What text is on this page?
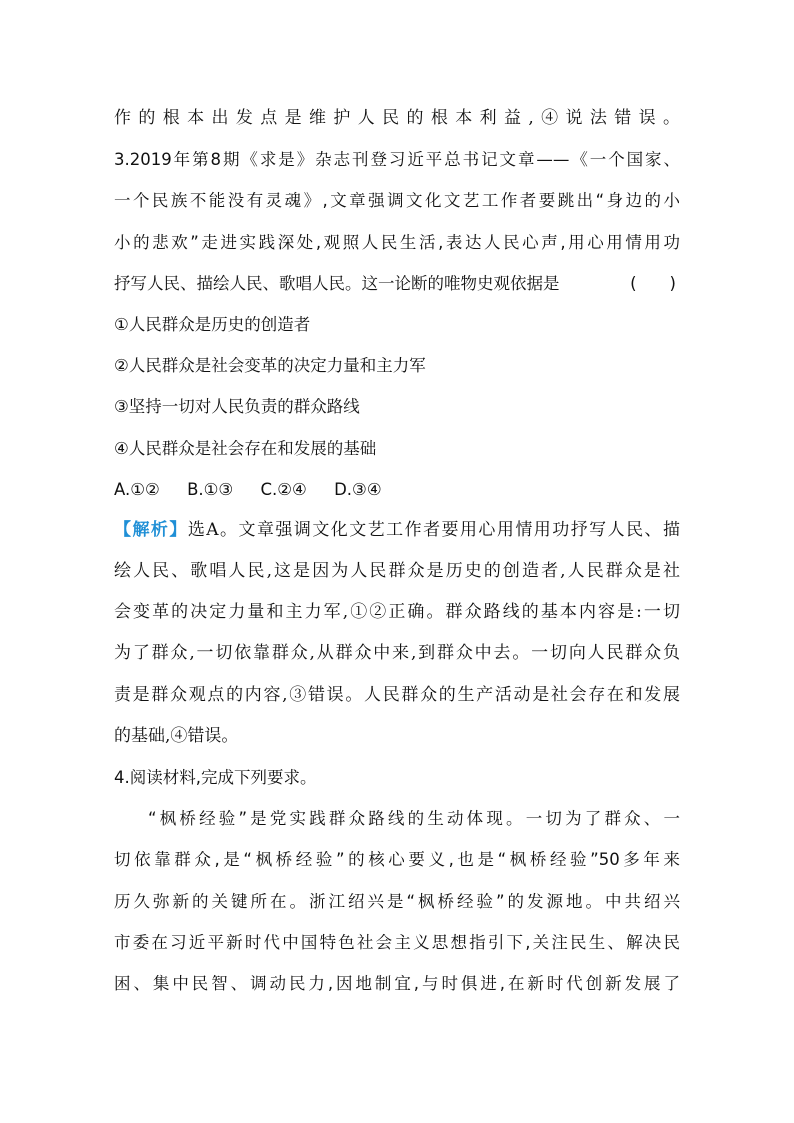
作的根本出发点是维护人民的根本利益,④说法错误。
3.2019年第8期《求是》杂志刊登习近平总书记文章——《一个国家、
一个民族不能没有灵魂》,文章强调文化文艺工作者要跳出“身边的小
小的悲欢”走进实践深处,观照人民生活,表达人民心声,用心用情用功
抒写人民、描绘人民、歌唱人民。这一论断的唯物史观依据是	(　　)
①人民群众是历史的创造者
②人民群众是社会变革的决定力量和主力军
③坚持一切对人民负责的群众路线
④人民群众是社会存在和发展的基础
A.①② B.①③ C.②④ D.③④
【解析】选A。文章强调文化文艺工作者要用心用情用功抒写人民、描
绘人民、歌唱人民,这是因为人民群众是历史的创造者,人民群众是社
会变革的决定力量和主力军,①②正确。群众路线的基本内容是:一切
为了群众,一切依靠群众,从群众中来,到群众中去。一切向人民群众负
责是群众观点的内容,③错误。人民群众的生产活动是社会存在和发展
的基础,④错误。
4.阅读材料,完成下列要求。
“枫桥经验”是党实践群众路线的生动体现。一切为了群众、一
切依靠群众,是“枫桥经验”的核心要义,也是“枫桥经验”50多年来
历久弥新的关键所在。浙江绍兴是“枫桥经验”的发源地。中共绍兴
市委在习近平新时代中国特色社会主义思想指引下,关注民生、解决民
困、集中民智、调动民力,因地制宜,与时俱进,在新时代创新发展了
